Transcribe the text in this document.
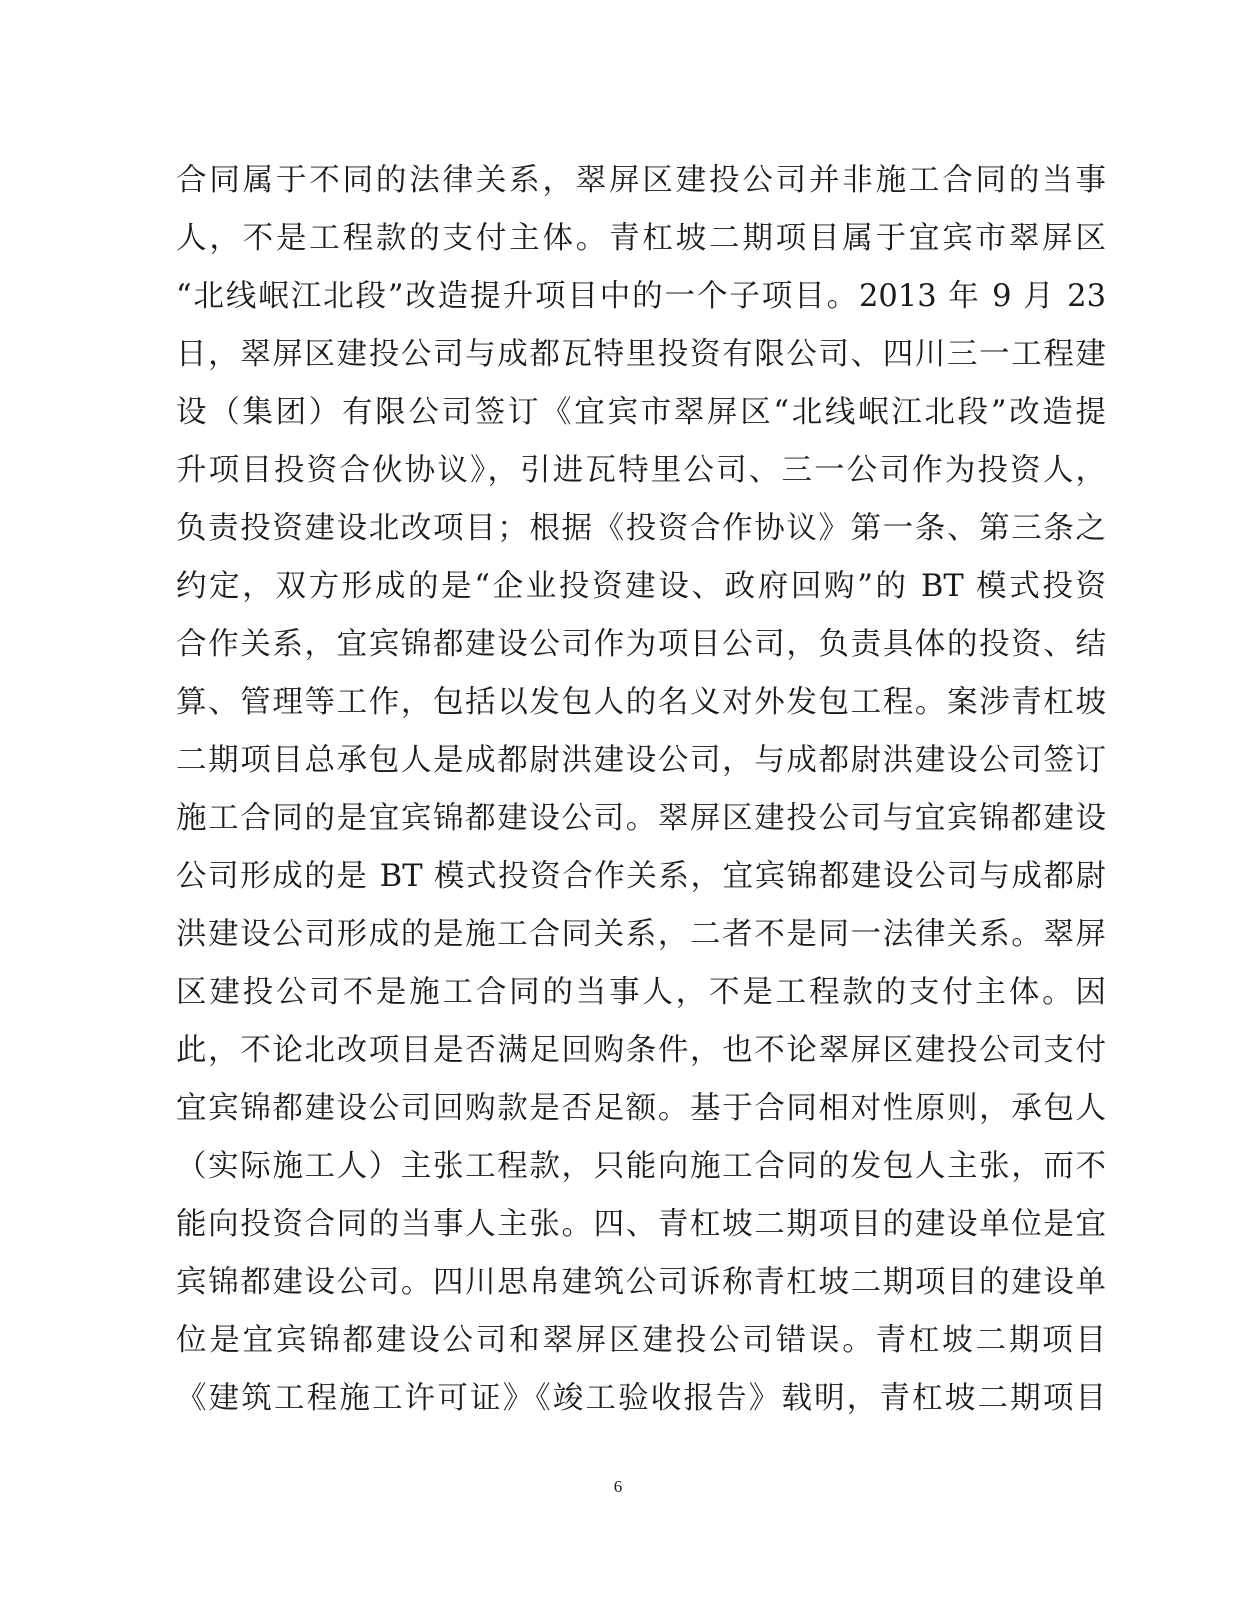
合同属于不同的法律关系，翠屏区建投公司并非施工合同的当事
人，不是工程款的支付主体。青杠坡二期项目属于宜宾市翠屏区
“北线岷江北段”改造提升项目中的一个子项目。2013 年 9 月 23
日，翠屏区建投公司与成都瓦特里投资有限公司、四川三一工程建
设（集团）有限公司签订《宜宾市翠屏区“北线岷江北段”改造提
升项目投资合伙协议》，引进瓦特里公司、三一公司作为投资人，
负责投资建设北改项目；根据《投资合作协议》第一条、第三条之
约定，双方形成的是“企业投资建设、政府回购”的 BT 模式投资
合作关系，宜宾锦都建设公司作为项目公司，负责具体的投资、结
算、管理等工作，包括以发包人的名义对外发包工程。案涉青杠坡
二期项目总承包人是成都尉洪建设公司，与成都尉洪建设公司签订
施工合同的是宜宾锦都建设公司。翠屏区建投公司与宜宾锦都建设
公司形成的是 BT 模式投资合作关系，宜宾锦都建设公司与成都尉
洪建设公司形成的是施工合同关系，二者不是同一法律关系。翠屏
区建投公司不是施工合同的当事人，不是工程款的支付主体。因
此，不论北改项目是否满足回购条件，也不论翠屏区建投公司支付
宜宾锦都建设公司回购款是否足额。基于合同相对性原则，承包人
（实际施工人）主张工程款，只能向施工合同的发包人主张，而不
能向投资合同的当事人主张。四、青杠坡二期项目的建设单位是宜
宾锦都建设公司。四川思帛建筑公司诉称青杠坡二期项目的建设单
位是宜宾锦都建设公司和翠屏区建投公司错误。青杠坡二期项目
《建筑工程施工许可证》《竣工验收报告》载明，青杠坡二期项目
6
